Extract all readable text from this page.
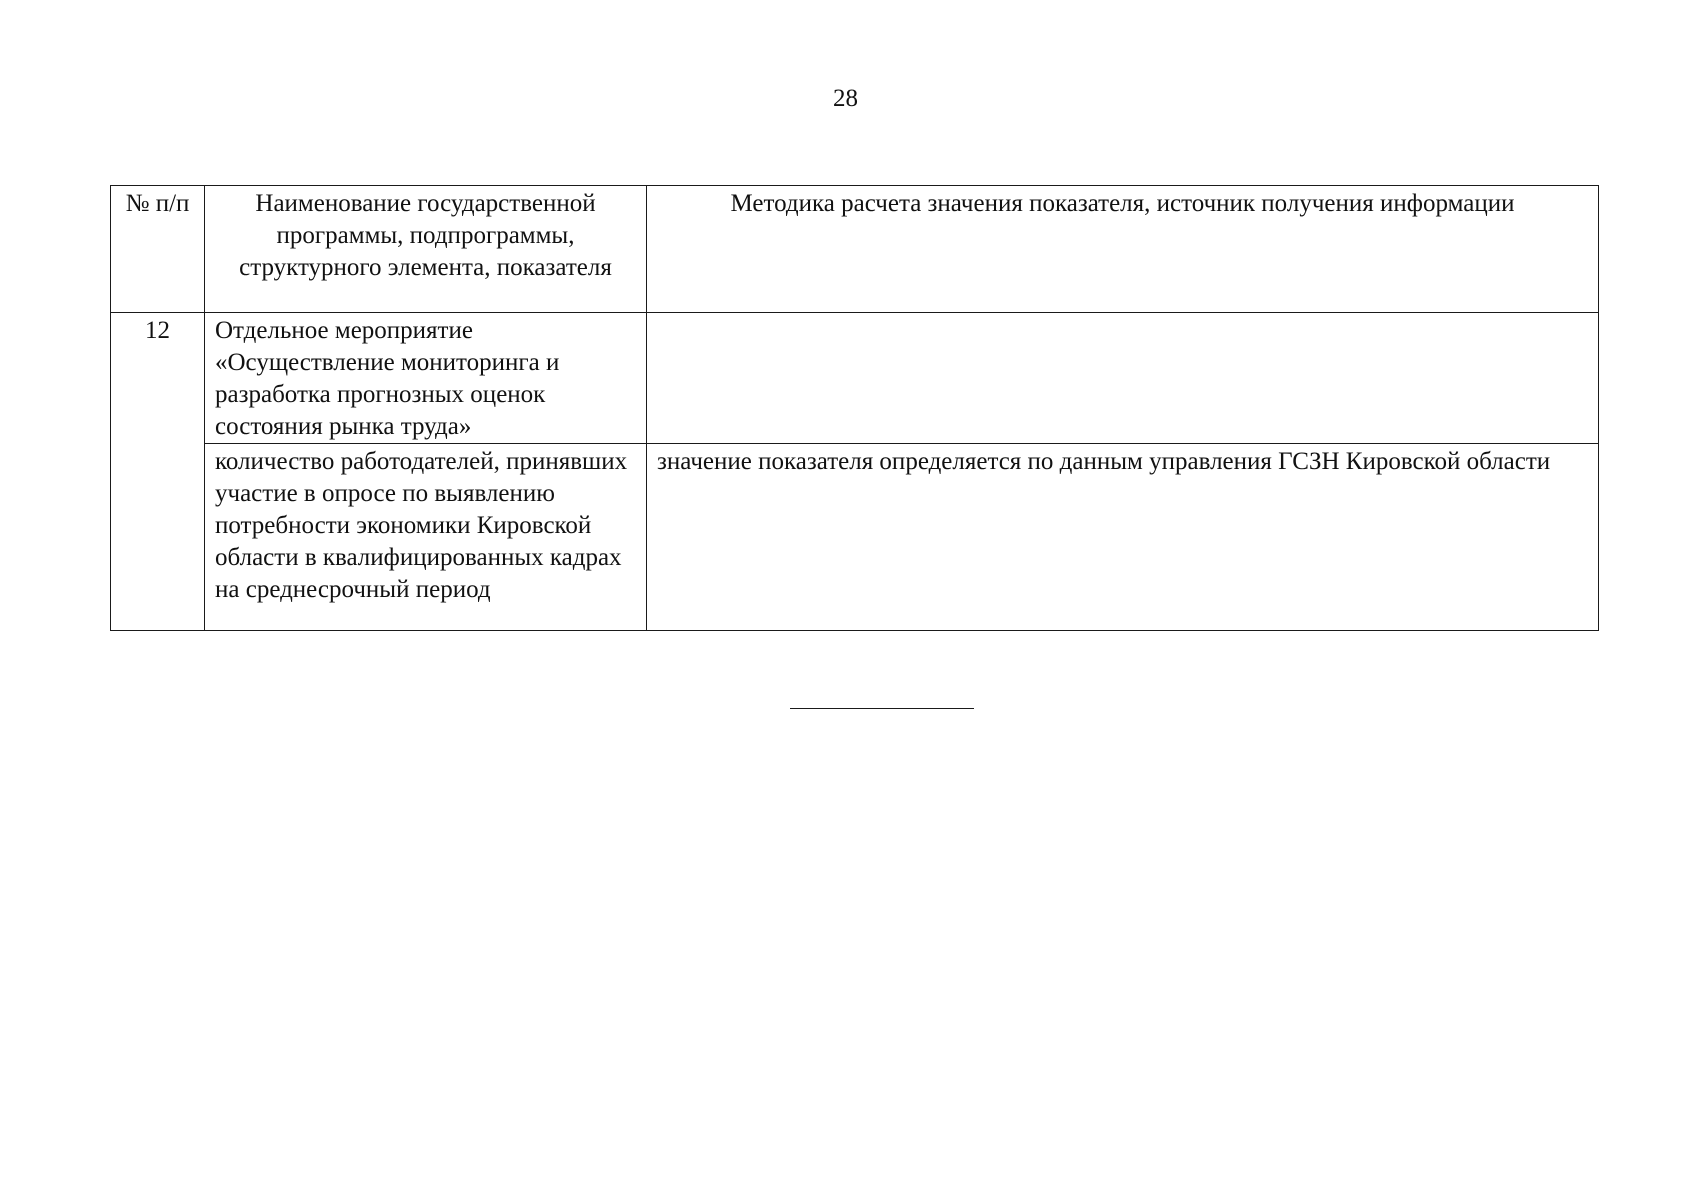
28
№ п/п	Наименование государственной программы, подпрограммы, структурного элемента, показателя	Методика расчета значения показателя, источник получения информации
12	Отдельное мероприятие «Осуществление мониторинга и разработка прогнозных оценок состояния рынка труда»	
	количество работодателей, принявших участие в опросе по выявлению потребности экономики Кировской области в квалифицированных кадрах на среднесрочный период	значение показателя определяется по данным управления ГСЗН Кировской области
